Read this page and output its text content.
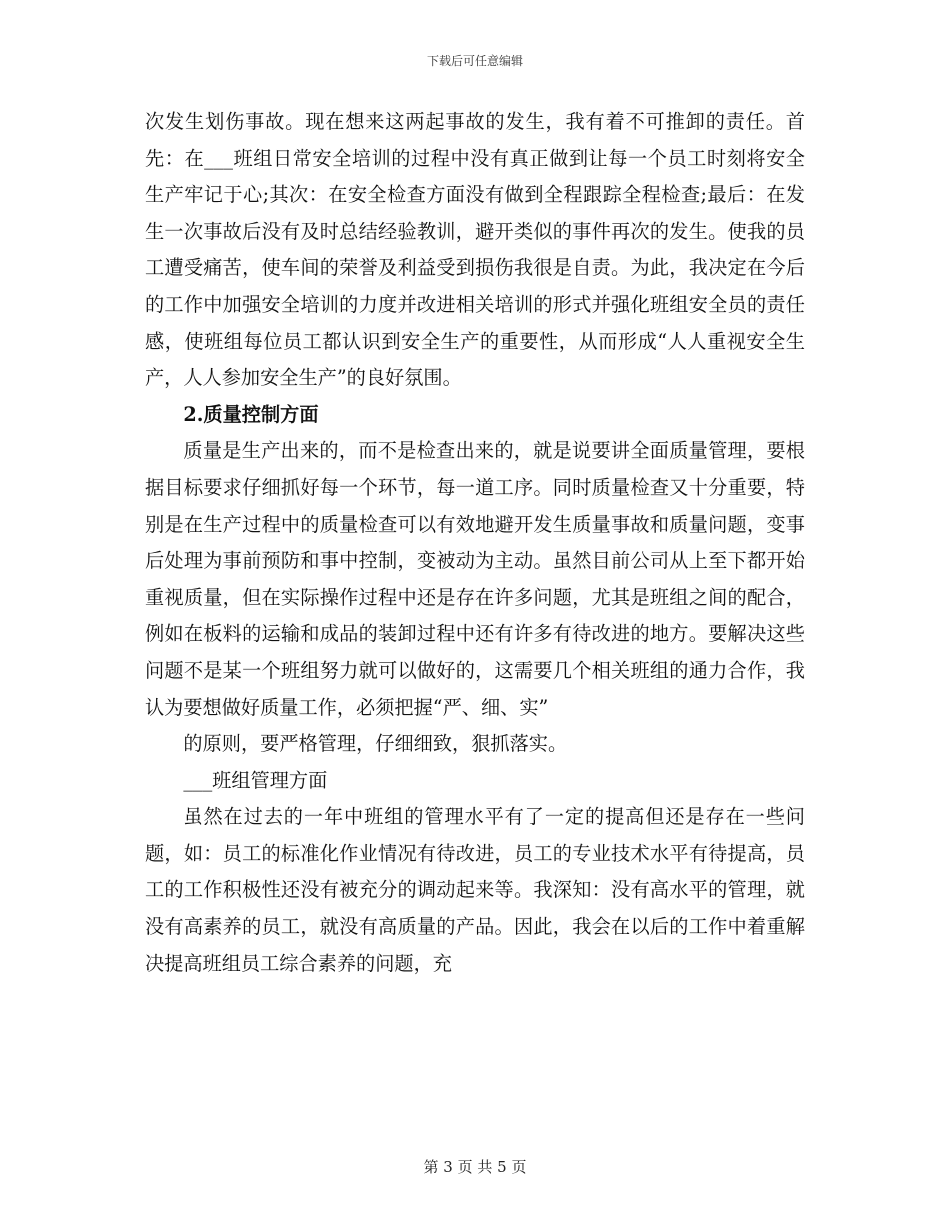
下载后可任意编辑

次发生划伤事故。现在想来这两起事故的发生，我有着不可推卸的责任。首先：在___班组日常安全培训的过程中没有真正做到让每一个员工时刻将安全生产牢记于心;其次：在安全检查方面没有做到全程跟踪全程检查;最后：在发生一次事故后没有及时总结经验教训，避开类似的事件再次的发生。使我的员工遭受痛苦，使车间的荣誉及利益受到损伤我很是自责。为此，我决定在今后的工作中加强安全培训的力度并改进相关培训的形式并强化班组安全员的责任感，使班组每位员工都认识到安全生产的重要性，从而形成“人人重视安全生产，人人参加安全生产”的良好氛围。

2.质量控制方面

质量是生产出来的，而不是检查出来的，就是说要讲全面质量管理，要根据目标要求仔细抓好每一个环节，每一道工序。同时质量检查又十分重要，特别是在生产过程中的质量检查可以有效地避开发生质量事故和质量问题，变事后处理为事前预防和事中控制，变被动为主动。虽然目前公司从上至下都开始重视质量，但在实际操作过程中还是存在许多问题，尤其是班组之间的配合，例如在板料的运输和成品的装卸过程中还有许多有待改进的地方。要解决这些问题不是某一个班组努力就可以做好的，这需要几个相关班组的通力合作，我认为要想做好质量工作，必须把握“严、细、实”

的原则，要严格管理，仔细细致，狠抓落实。

___班组管理方面

虽然在过去的一年中班组的管理水平有了一定的提高但还是存在一些问题，如：员工的标准化作业情况有待改进，员工的专业技术水平有待提高，员工的工作积极性还没有被充分的调动起来等。我深知：没有高水平的管理，就没有高素养的员工，就没有高质量的产品。因此，我会在以后的工作中着重解决提高班组员工综合素养的问题，充

第 3 页 共 5 页
